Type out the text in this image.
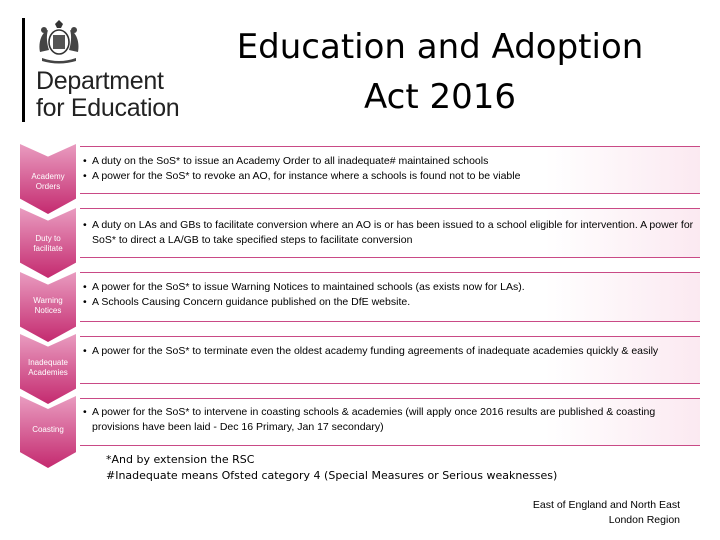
Department
for Education
Education and Adoption
Act 2016
Academy Orders
• A duty on the SoS* to issue an Academy Order to all inadequate# maintained schools
• A power for the SoS* to revoke an AO, for instance where a schools is found not to be viable
Duty to facilitate
• A duty on LAs and GBs to facilitate conversion where an AO is or has been issued to a school eligible for intervention. A power for SoS* to direct a LA/GB to take specified steps to facilitate conversion
Warning Notices
• A power for the SoS* to issue Warning Notices to maintained schools (as exists now for LAs).
• A Schools Causing Concern guidance published on the DfE website.
Inadequate Academies
• A power for the SoS* to terminate even the oldest academy funding agreements of inadequate academies quickly & easily
Coasting
• A power for the SoS* to intervene in coasting schools & academies (will apply once 2016 results are published & coasting provisions have been laid - Dec 16 Primary, Jan 17 secondary)
*And by extension the RSC
#Inadequate means Ofsted category 4 (Special Measures or Serious weaknesses)
East of England and North East
London Region
